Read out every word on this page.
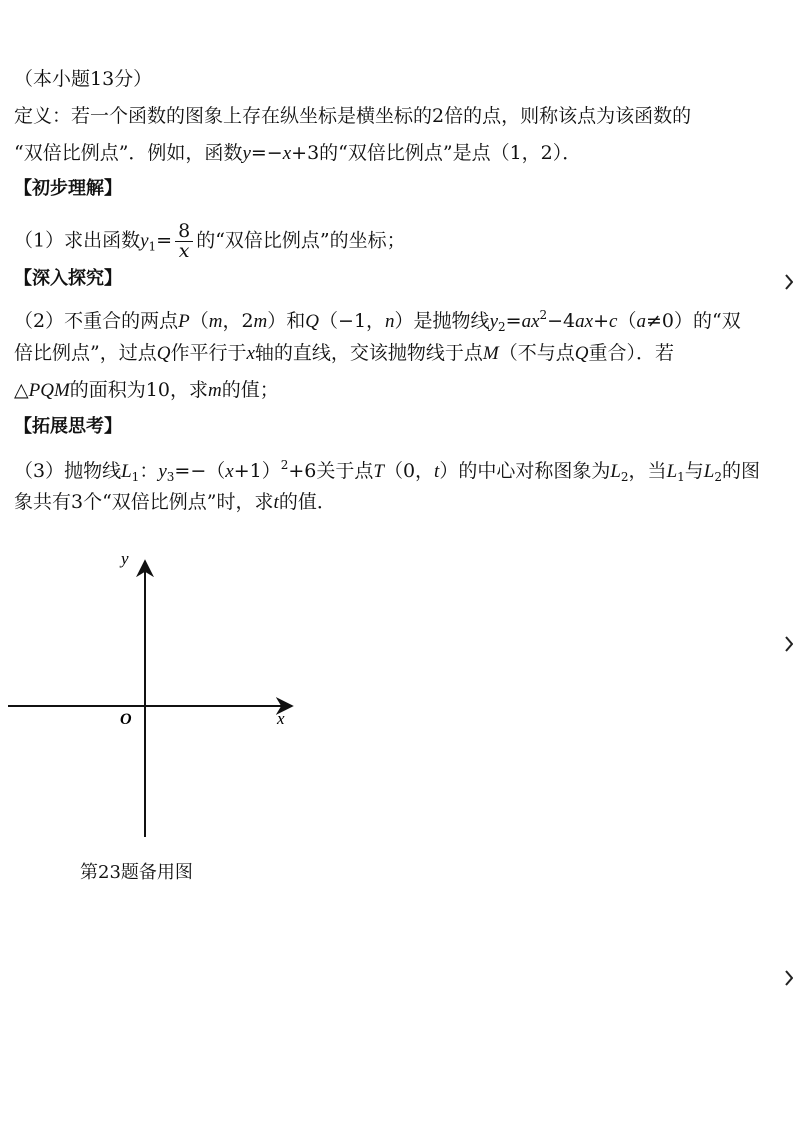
（本小题13分）
定义：若一个函数的图象上存在纵坐标是横坐标的2倍的点，则称该点为该函数的
“双倍比例点”．例如，函数y=−x+3的“双倍比例点”是点（1，2）．
【初步理解】
（1）求出函数$y_1= \frac{8}{x}$ 的“双倍比例点”的坐标；
【深入探究】
（2）不重合的两点P（m，2m）和Q（−1，n）是抛物线$y_2=ax^2-4ax+c(a\ne 0)$的“双
倍比例点”，过点Q作平行于x轴的直线，交该抛物线于点M（不与点Q重合）．若
△PQM的面积为10，求m的值；
【拓展思考】
（3）抛物线$L_1$：$y_3=-(x+1)^2+6$关于点T（0，t）的中心对称图象为$L_2$，当$L_1$与$L_2$的图
象共有3个“双倍比例点”时，求t的值．
y
x
O
第23题备用图
